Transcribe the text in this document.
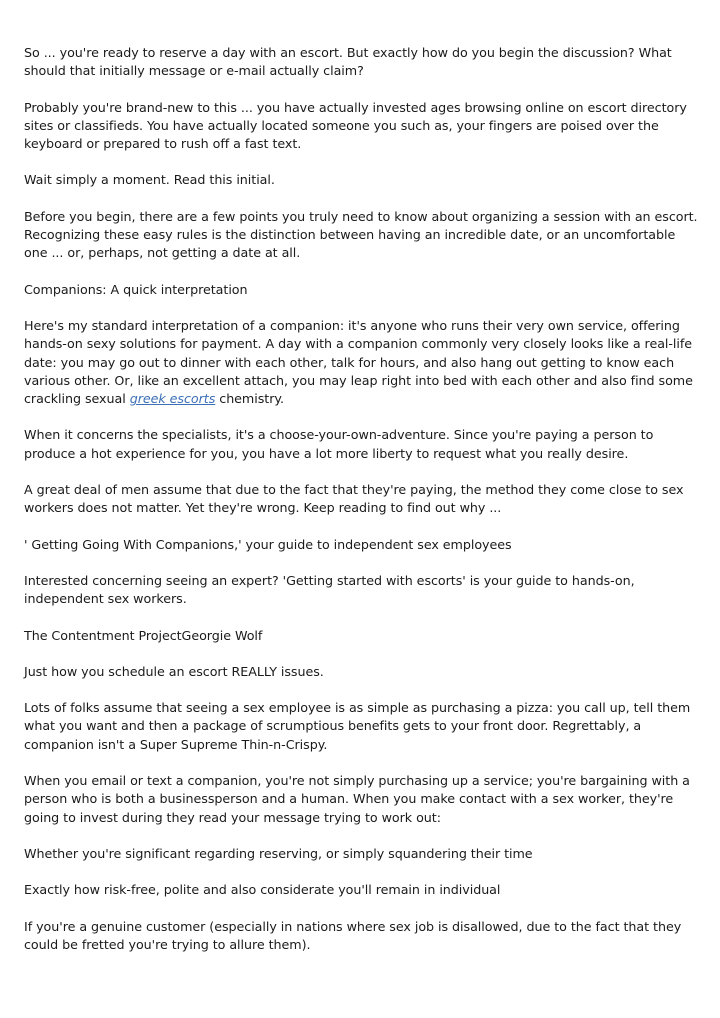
So ... you're ready to reserve a day with an escort. But exactly how do you begin the discussion? What should that initially message or e-mail actually claim?

Probably you're brand-new to this ... you have actually invested ages browsing online on escort directory sites or classifieds. You have actually located someone you such as, your fingers are poised over the keyboard or prepared to rush off a fast text.

Wait simply a moment. Read this initial.

Before you begin, there are a few points you truly need to know about organizing a session with an escort. Recognizing these easy rules is the distinction between having an incredible date, or an uncomfortable one ... or, perhaps, not getting a date at all.

Companions: A quick interpretation

Here's my standard interpretation of a companion: it's anyone who runs their very own service, offering hands-on sexy solutions for payment. A day with a companion commonly very closely looks like a real-life date: you may go out to dinner with each other, talk for hours, and also hang out getting to know each various other. Or, like an excellent attach, you may leap right into bed with each other and also find some crackling sexual greek escorts chemistry.

When it concerns the specialists, it's a choose-your-own-adventure. Since you're paying a person to produce a hot experience for you, you have a lot more liberty to request what you really desire.

A great deal of men assume that due to the fact that they're paying, the method they come close to sex workers does not matter. Yet they're wrong. Keep reading to find out why ...

' Getting Going With Companions,' your guide to independent sex employees

Interested concerning seeing an expert? 'Getting started with escorts' is your guide to hands-on, independent sex workers.

The Contentment ProjectGeorgie Wolf

Just how you schedule an escort REALLY issues.

Lots of folks assume that seeing a sex employee is as simple as purchasing a pizza: you call up, tell them what you want and then a package of scrumptious benefits gets to your front door. Regrettably, a companion isn't a Super Supreme Thin-n-Crispy.

When you email or text a companion, you're not simply purchasing up a service; you're bargaining with a person who is both a businessperson and a human. When you make contact with a sex worker, they're going to invest during they read your message trying to work out:

Whether you're significant regarding reserving, or simply squandering their time

Exactly how risk-free, polite and also considerate you'll remain in individual

If you're a genuine customer (especially in nations where sex job is disallowed, due to the fact that they could be fretted you're trying to allure them).
